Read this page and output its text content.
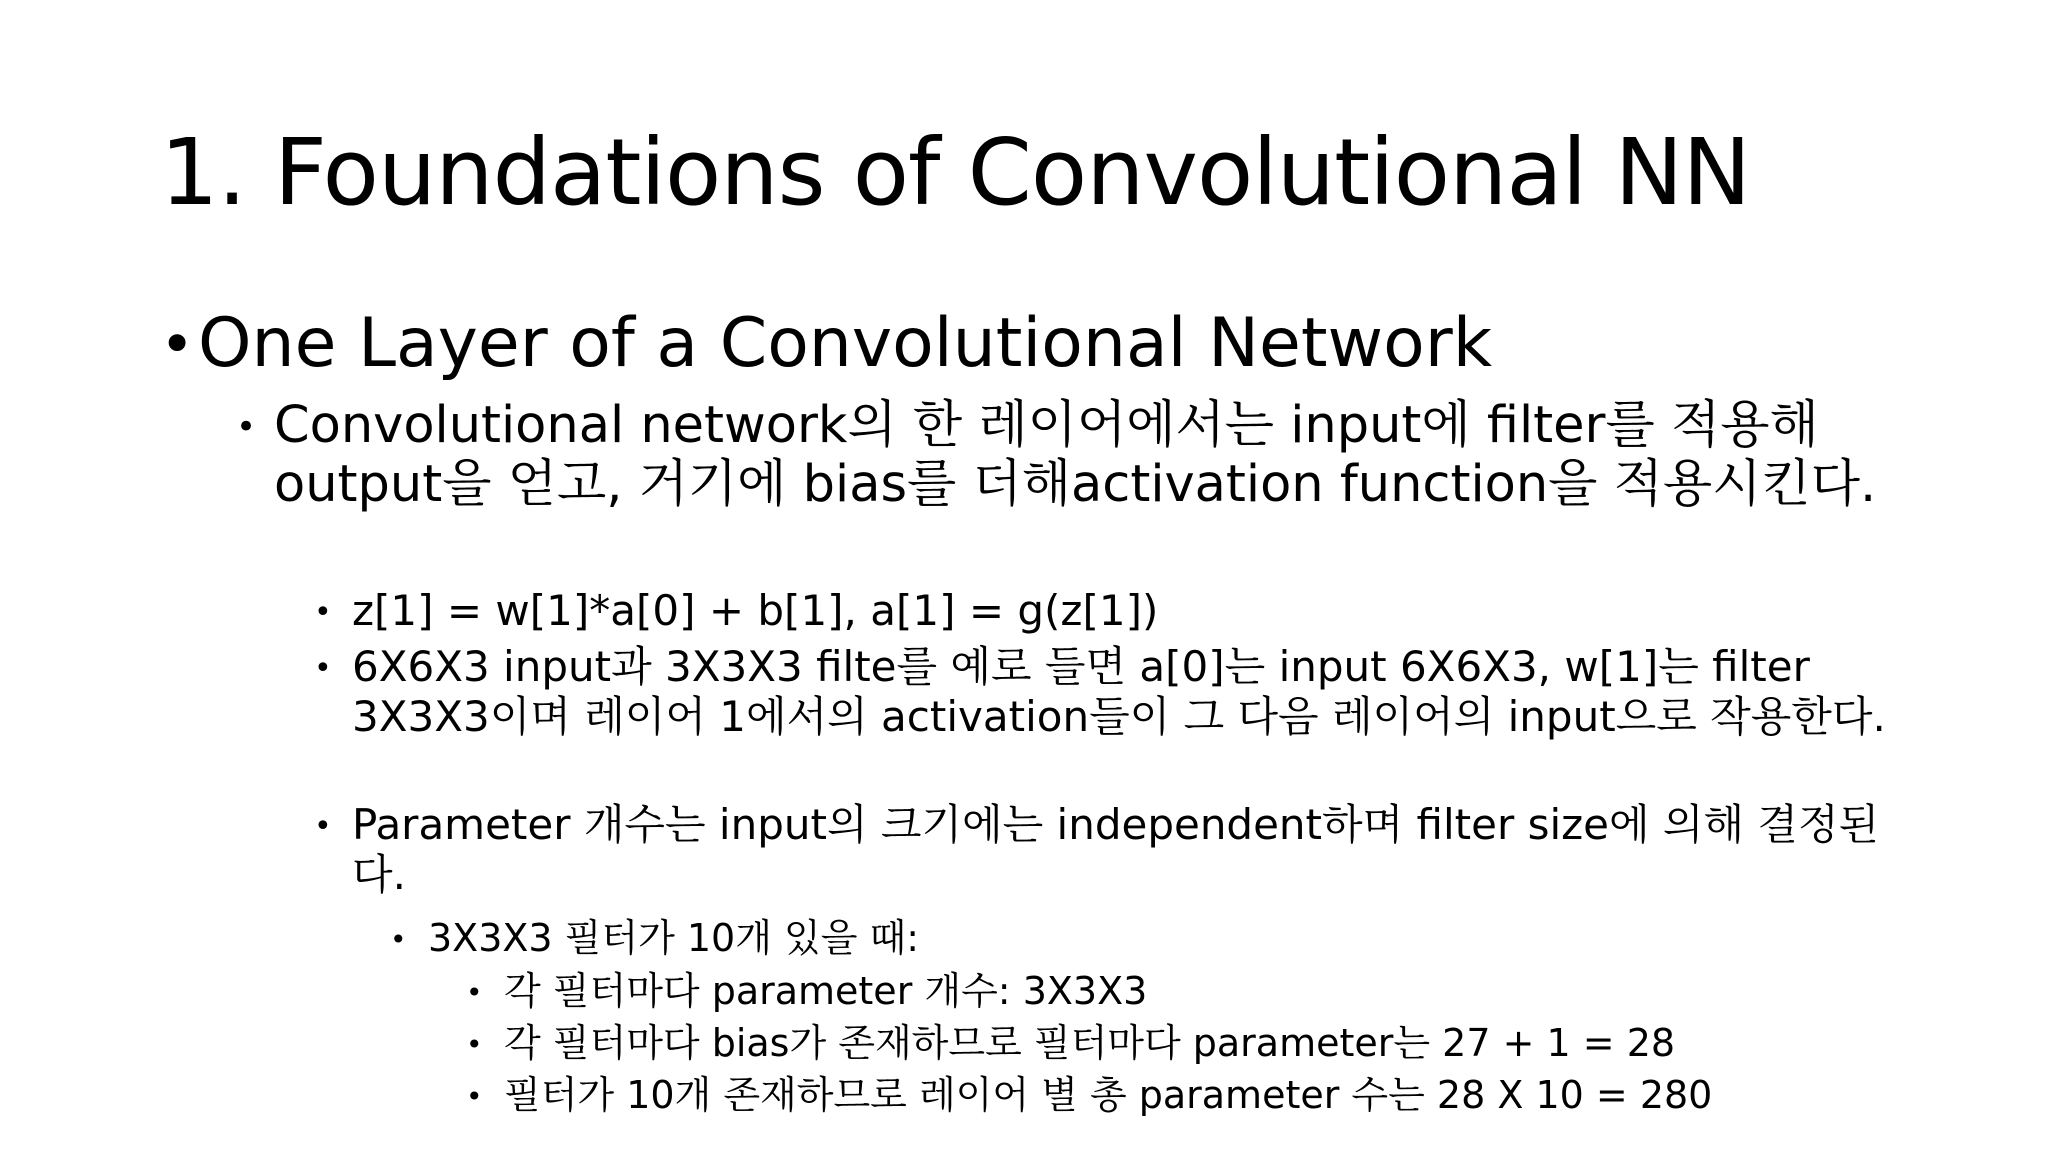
1. Foundations of Convolutional NN
• One Layer of a Convolutional Network
• Convolutional network의 한 레이어에서는 input에 filter를 적용해 output을 얻고, 거기에 bias를 더해activation function을 적용시킨다.
• z[1] = w[1]*a[0] + b[1], a[1] = g(z[1])
• 6X6X3 input과 3X3X3 filte를 예로 들면 a[0]는 input 6X6X3, w[1]는 filter 3X3X3이며 레이어 1에서의 activation들이 그 다음 레이어의 input으로 작용한다.
• Parameter 개수는 input의 크기에는 independent하며 filter size에 의해 결정된다.
• 3X3X3 필터가 10개 있을 때:
• 각 필터마다 parameter 개수: 3X3X3
• 각 필터마다 bias가 존재하므로 필터마다 parameter는 27 + 1 = 28
• 필터가 10개 존재하므로 레이어 별 총 parameter 수는 28 X 10 = 280
